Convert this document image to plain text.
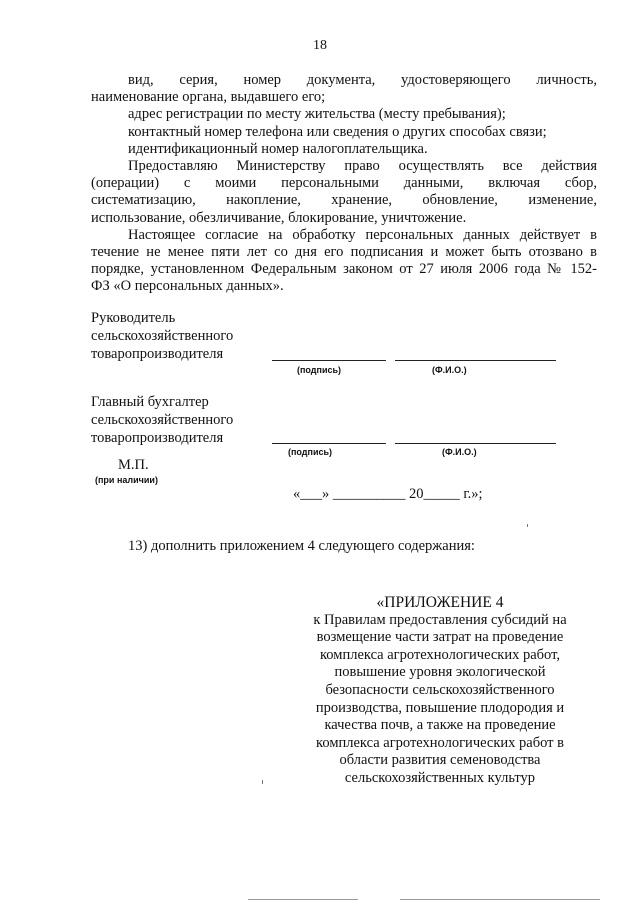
18
вид, серия, номер документа, удостоверяющего личность,
наименование органа, выдавшего его;
адрес регистрации по месту жительства (месту пребывания);
контактный номер телефона или сведения о других способах связи;
идентификационный номер налогоплательщика.
Предоставляю Министерству право осуществлять все действия
(операции) с моими персональными данными, включая сбор,
систематизацию, накопление, хранение, обновление, изменение,
использование, обезличивание, блокирование, уничтожение.
Настоящее согласие на обработку персональных данных действует в
течение не менее пяти лет со дня его подписания и может быть отозвано в
порядке, установленном Федеральным законом от 27 июля 2006 года № 152-
ФЗ «О персональных данных».
Руководитель
сельскохозяйственного
товаропроизводителя
(подпись)	(Ф.И.О.)
Главный бухгалтер
сельскохозяйственного
товаропроизводителя
(подпись)	(Ф.И.О.)
М.П.
(при наличии)
«___» __________ 20_____ г.»;
13) дополнить приложением 4 следующего содержания:
«ПРИЛОЖЕНИЕ 4
к Правилам предоставления субсидий на
возмещение части затрат на проведение
комплекса агротехнологических работ,
повышение уровня экологической
безопасности сельскохозяйственного
производства, повышение плодородия и
качества почв, а также на проведение
комплекса агротехнологических работ в
области развития семеноводства
сельскохозяйственных культур
